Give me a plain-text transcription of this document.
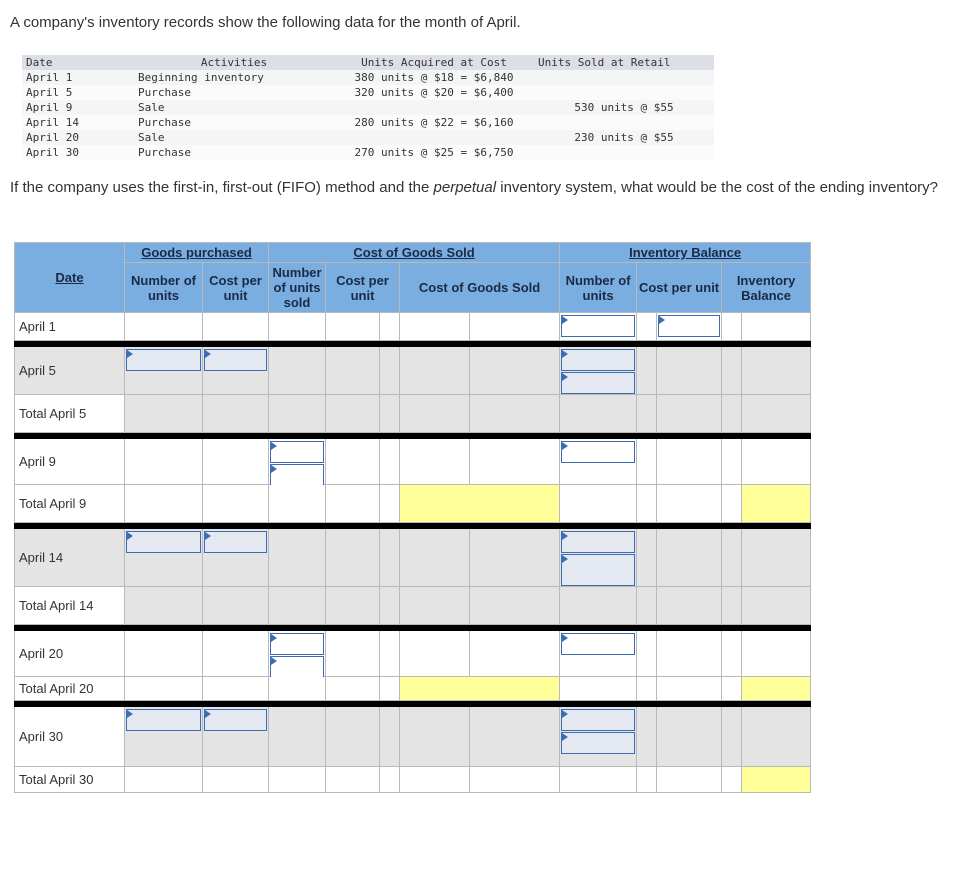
A company's inventory records show the following data for the month of April.
Date	Activities	Units Acquired at Cost	Units Sold at Retail
April 1	Beginning inventory	380 units @ $18 = $6,840	
April 5	Purchase	320 units @ $20 = $6,400	
April 9	Sale		530 units @ $55
April 14	Purchase	280 units @ $22 = $6,160	
April 20	Sale		230 units @ $55
April 30	Purchase	270 units @ $25 = $6,750	
If the company uses the first-in, first-out (FIFO) method and the perpetual inventory system, what would be the cost of the ending inventory?
Date	Goods purchased		Cost of Goods Sold					Inventory Balance				
	Number of units	Cost per unit	Number of units sold	Cost per unit		Cost of Goods Sold		Number of units	Cost per unit		Inventory Balance	
April 1								

April 5	

Total April 5												

April 9			

Total April 9												

April 14	

Total April 14												

April 20			

Total April 20												

April 30	

Total April 30												
